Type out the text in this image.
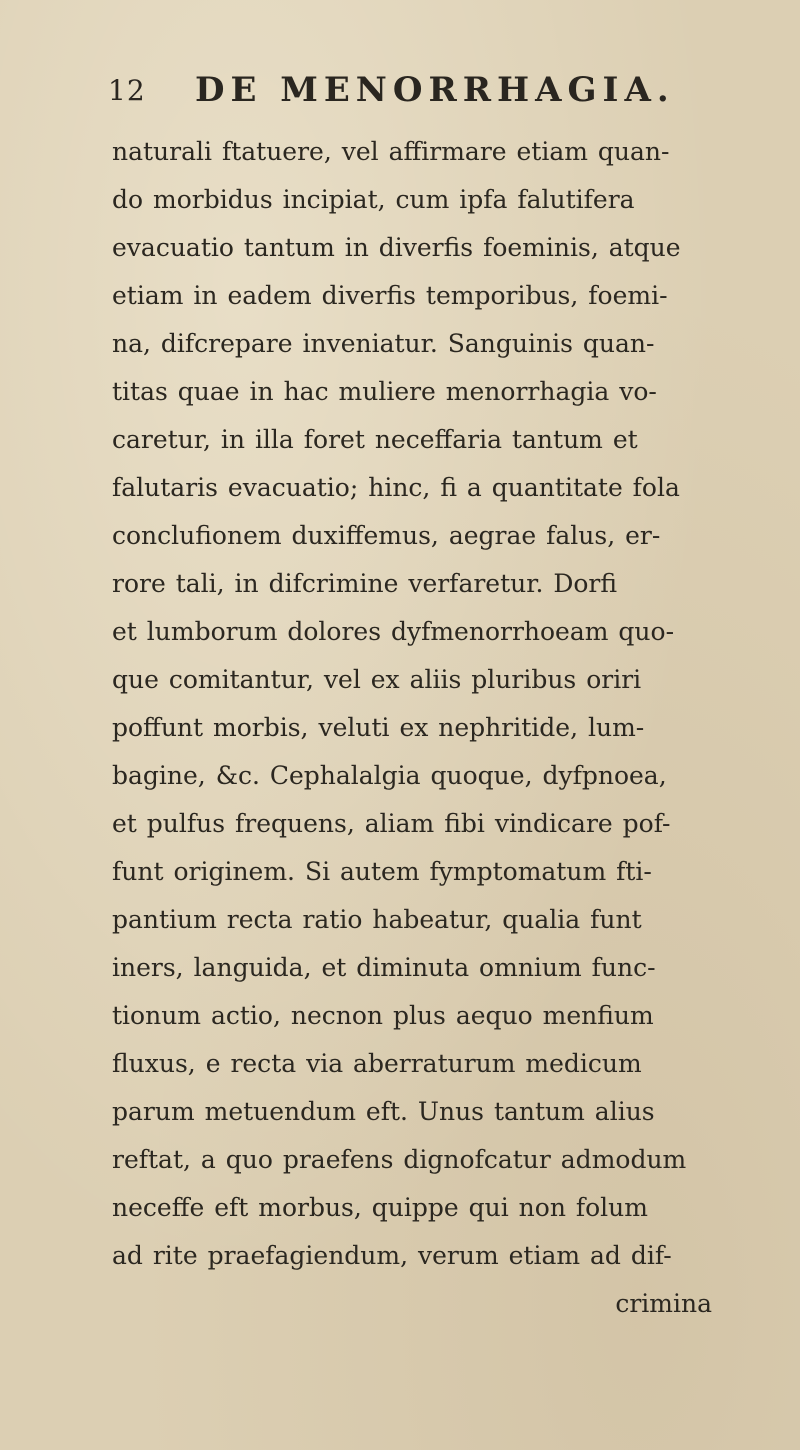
12 DE MENORRHAGIA.
naturali ftatuere, vel affirmare etiam quan-
do morbidus incipiat, cum ipfa falutifera
evacuatio tantum in diverfis foeminis, atque
etiam in eadem diverfis temporibus, foemi-
na, difcrepare inveniatur. Sanguinis quan-
titas quae in hac muliere menorrhagia vo-
caretur, in illa foret neceffaria tantum et
falutaris evacuatio; hinc, fi a quantitate fola
conclufionem duxiffemus, aegrae falus, er-
rore tali, in difcrimine verfaretur. Dorfi
et lumborum dolores dyfmenorrhoeam quo-
que comitantur, vel ex aliis pluribus oriri
poffunt morbis, veluti ex nephritide, lum-
bagine, &c. Cephalalgia quoque, dyfpnoea,
et pulfus frequens, aliam fibi vindicare pof-
funt originem. Si autem fymptomatum fti-
pantium recta ratio habeatur, qualia funt
iners, languida, et diminuta omnium func-
tionum actio, necnon plus aequo menfium
fluxus, e recta via aberraturum medicum
parum metuendum eft. Unus tantum alius
reftat, a quo praefens dignofcatur admodum
neceffe eft morbus, quippe qui non folum
ad rite praefagiendum, verum etiam ad dif-
crimina
